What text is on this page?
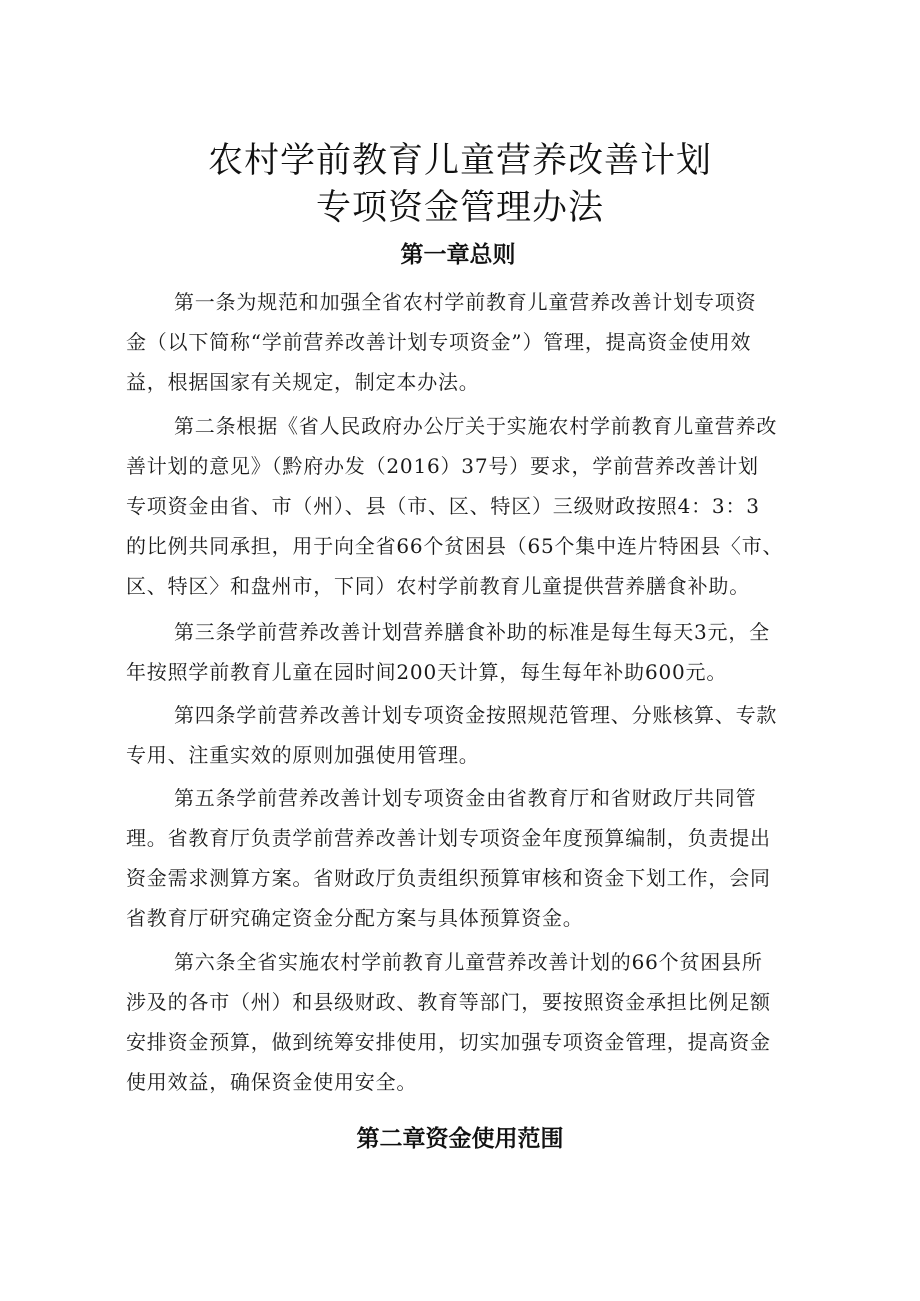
农村学前教育儿童营养改善计划
专项资金管理办法
第一章总则
第一条为规范和加强全省农村学前教育儿童营养改善计划专项资
金（以下简称“学前营养改善计划专项资金”）管理，提高资金使用效
益，根据国家有关规定，制定本办法。
第二条根据《省人民政府办公厅关于实施农村学前教育儿童营养改
善计划的意见》（黔府办发（2016）37号）要求，学前营养改善计划
专项资金由省、市（州）、县（市、区、特区）三级财政按照4：3：3
的比例共同承担，用于向全省66个贫困县（65个集中连片特困县〈市、
区、特区〉和盘州市，下同）农村学前教育儿童提供营养膳食补助。
第三条学前营养改善计划营养膳食补助的标准是每生每天3元，全
年按照学前教育儿童在园时间200天计算，每生每年补助600元。
第四条学前营养改善计划专项资金按照规范管理、分账核算、专款
专用、注重实效的原则加强使用管理。
第五条学前营养改善计划专项资金由省教育厅和省财政厅共同管
理。省教育厅负责学前营养改善计划专项资金年度预算编制，负责提出
资金需求测算方案。省财政厅负责组织预算审核和资金下划工作，会同
省教育厅研究确定资金分配方案与具体预算资金。
第六条全省实施农村学前教育儿童营养改善计划的66个贫困县所
涉及的各市（州）和县级财政、教育等部门，要按照资金承担比例足额
安排资金预算，做到统筹安排使用，切实加强专项资金管理，提高资金
使用效益，确保资金使用安全。
第二章资金使用范围
